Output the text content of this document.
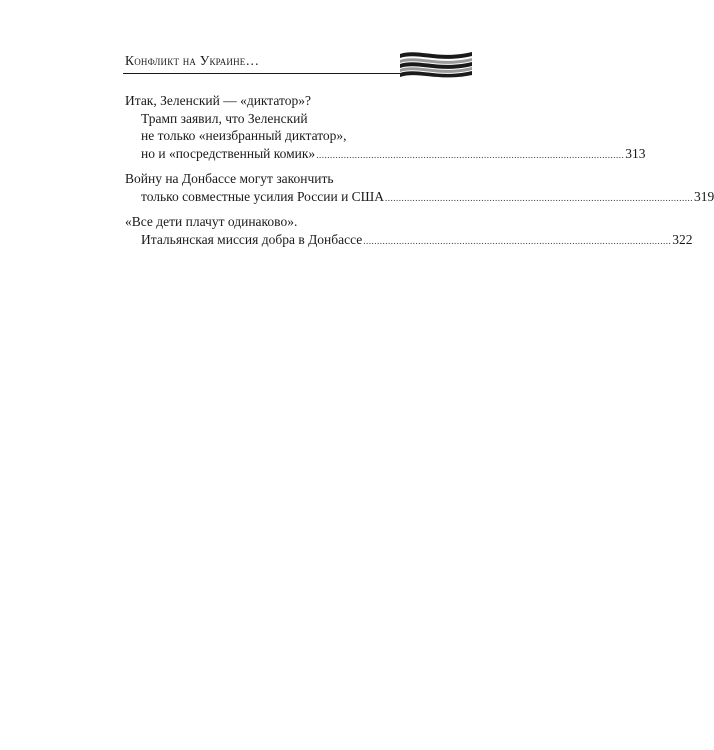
Конфликт на Украине…
Итак, Зеленский — «диктатор»?
Трамп заявил, что Зеленский
не только «неизбранный диктатор»,
но и «посредственный комик» ................................................................................................................ 313
Войну на Донбассе могут закончить
только совместные усилия России и США ................................................................................................................ 319
«Все дети плачут одинаково».
Итальянская миссия добра в Донбассе ................................................................................................................ 322
